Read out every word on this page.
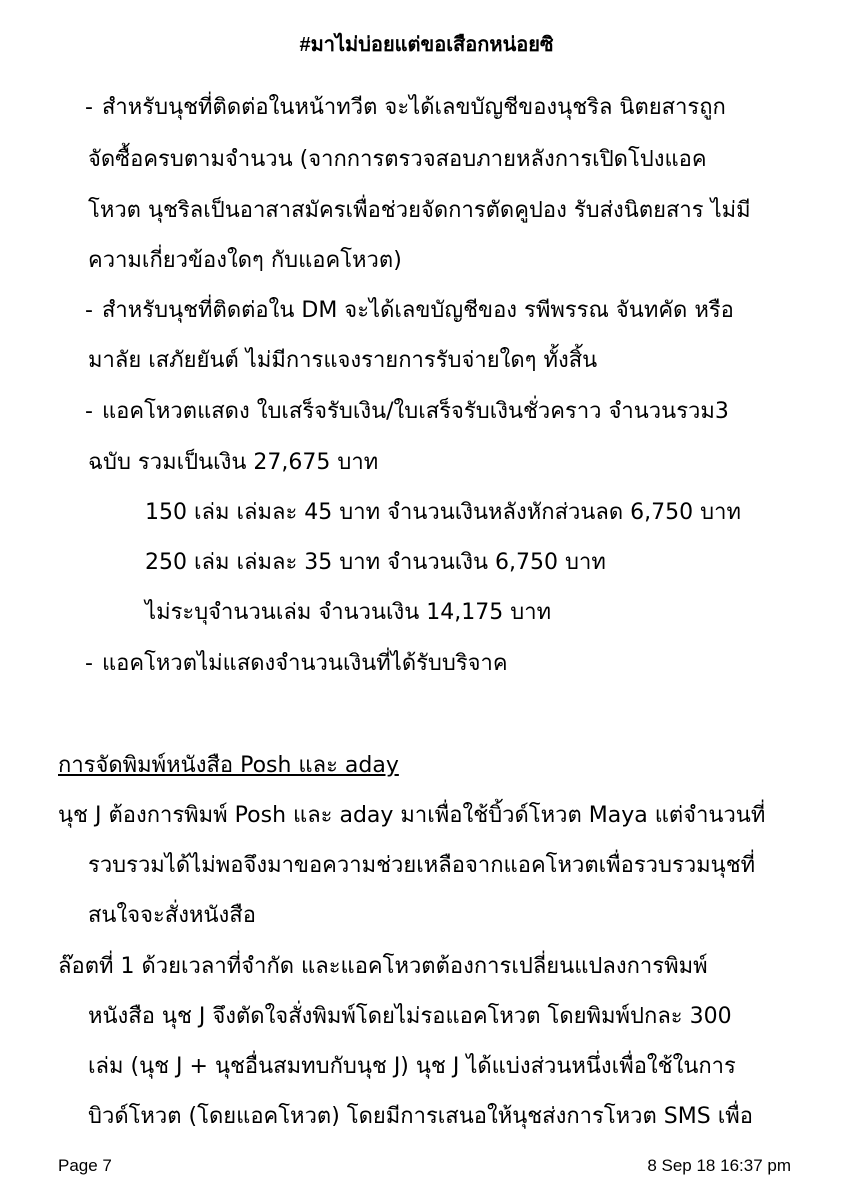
#มาไม่บ่อยแต่ขอเสือกหน่อยซิ
- สำหรับนุชที่ติดต่อในหน้าทวีต จะได้เลขบัญชีของนุชริล นิตยสารถูก
จัดซื้อครบตามจำนวน (จากการตรวจสอบภายหลังการเปิดโปงแอค
โหวต นุชริลเป็นอาสาสมัครเพื่อช่วยจัดการตัดคูปอง รับส่งนิตยสาร ไม่มี
ความเกี่ยวข้องใดๆ กับแอคโหวต)
- สำหรับนุชที่ติดต่อใน DM จะได้เลขบัญชีของ รพีพรรณ จันทคัด หรือ
มาลัย เสภัยยันต์ ไม่มีการแจงรายการรับจ่ายใดๆ ทั้งสิ้น
- แอคโหวตแสดง ใบเสร็จรับเงิน/ใบเสร็จรับเงินชั่วคราว จำนวนรวม3
ฉบับ รวมเป็นเงิน 27,675 บาท
150 เล่ม เล่มละ 45 บาท จำนวนเงินหลังหักส่วนลด 6,750 บาท
250 เล่ม เล่มละ 35 บาท จำนวนเงิน 6,750 บาท
ไม่ระบุจำนวนเล่ม จำนวนเงิน 14,175 บาท
- แอคโหวตไม่แสดงจำนวนเงินที่ได้รับบริจาค
การจัดพิมพ์หนังสือ Posh และ aday
นุช J ต้องการพิมพ์ Posh และ aday มาเพื่อใช้บิ้วด์โหวต Maya แต่จำนวนที่
รวบรวมได้ไม่พอจึงมาขอความช่วยเหลือจากแอคโหวตเพื่อรวบรวมนุชที่
สนใจจะสั่งหนังสือ
ล๊อตที่ 1 ด้วยเวลาที่จำกัด และแอคโหวตต้องการเปลี่ยนแปลงการพิมพ์
หนังสือ นุช J จึงตัดใจสั่งพิมพ์โดยไม่รอแอคโหวต โดยพิมพ์ปกละ 300
เล่ม (นุช J + นุชอื่นสมทบกับนุช J) นุช J ได้แบ่งส่วนหนึ่งเพื่อใช้ในการ
บิวด์โหวต (โดยแอคโหวต) โดยมีการเสนอให้นุชส่งการโหวต SMS เพื่อ
Page 7	8 Sep 18 16:37 pm
